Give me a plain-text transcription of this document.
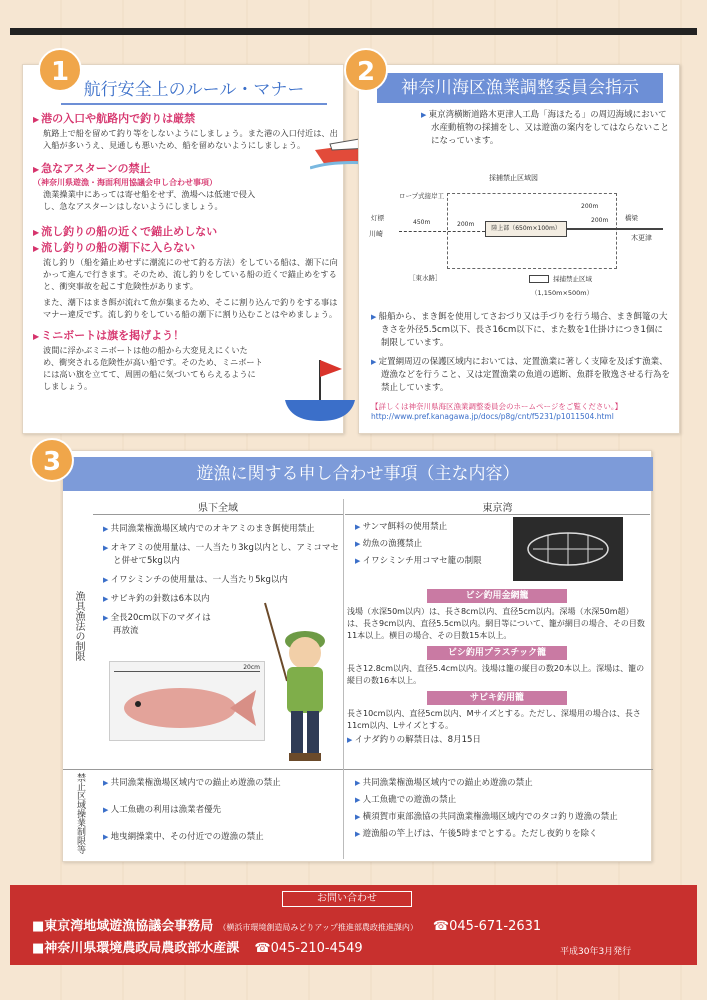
航行安全上のルール・マナー
▶ 港の入口や航路内で釣りは厳禁
航路上で船を留めて釣り等をしないようにしましょう。また港の入口付近は、出入船が多いうえ、見通しも悪いため、船を留めないようにしましょう。
▶ 急なアスターンの禁止
（神奈川県遊漁・海面利用協議会申し合わせ事項）
漁業操業中にあっては寄せ船をせず、漁場へは低速で侵入し、急なアスターンはしないようにしましょう。
▶ 流し釣りの船の近くで錨止めしない
▶ 流し釣りの船の潮下に入らない
流し釣り（船を錨止めせずに潮流にのせて釣る方法）をしている船は、潮下に向かって進んで行きます。そのため、流し釣りをしている船の近くで錨止めをすると、衝突事故を起こす危険性があります。
また、潮下はまき餌が流れて魚が集まるため、そこに割り込んで釣りをする事はマナー違反です。流し釣りをしている船の潮下に割り込むことはやめましょう。
▶ ミニボートは旗を掲げよう！
波間に浮かぶミニボートは他の船から大変見えにくいため、衝突される危険性が高い船です。そのため、ミニボートには高い旗を立てて、周囲の船に気づいてもらえるようにしましょう。
1
神奈川海区漁業調整委員会指示
▶ 東京湾横断道路木更津人工島「海ほたる」の周辺海域において水産動植物の採捕をし、又は遊漁の案内をしてはならないことになっています。
採捕禁止区域図
ロープ式接岸工
陸上部（650m×100m）
灯標
川崎
450m	200m
200m
200m	橋梁
木更津
［東水路］	採捕禁止区域
（1,150m×500m）
▶ 船船から、まき餌を使用してさおづり又は手づりを行う場合、まき餌篭の大きさを外径5.5cm以下、長さ16cm以下に、また数を1仕掛けにつき1個に制限しています。
▶ 定置網周辺の保護区域内においては、定置漁業に著しく支障を及ぼす漁業、遊漁などを行うこと、又は定置漁業の魚道の遮断、魚群を散逸させる行為を禁止しています。
【詳しくは神奈川県海区漁業調整委員会のホームページをご覧ください。】
http://www.pref.kanagawa.jp/docs/p8g/cnt/f5231/p1011504.html
2
遊漁に関する申し合わせ事項（主な内容）
県下全域	東京湾
漁具漁法の制限
禁止区域操業制限等
▶ 共同漁業権漁場区域内でのオキアミのまき餌使用禁止
▶ オキアミの使用量は、一人当たり3kg以内とし、アミコマセと併せて5kg以内
▶ イワシミンチの使用量は、一人当たり5kg以内
▶ サビキ釣の針数は6本以内
▶ 全長20cm以下のマダイは再放流
20cm
▶ サンマ餌料の使用禁止
▶ 幼魚の漁獲禁止
▶ イワシミンチ用コマセ籠の制限
ビシ釣用金網籠
浅場（水深50m以内）は、長さ8cm以内、直径5cm以内。深場（水深50m超）は、長さ9cm以内、直径5.5cm以内。網目等について、籠が網目の場合、その目数11本以上。横目の場合、その目数15本以上。
ビシ釣用プラスチック籠
長さ12.8cm以内、直径5.4cm以内。浅場は籠の縦目の数20本以上。深場は、籠の縦目の数16本以上。
サビキ釣用籠
長さ10cm以内、直径5cm以内、Mサイズとする。ただし、深場用の場合は、長さ11cm以内、Lサイズとする。
▶ イナダ釣りの解禁日は、8月15日
▶ 共同漁業権漁場区域内での錨止め遊漁の禁止
▶ 人工魚礁の利用は漁業者優先
▶ 地曳網操業中、その付近での遊漁の禁止
▶ 共同漁業権漁場区域内での錨止め遊漁の禁止
▶ 人工魚礁での遊漁の禁止
▶ 横須賀市東部漁協の共同漁業権漁場区域内でのタコ釣り遊漁の禁止
▶ 遊漁船の竿上げは、午後5時までとする。ただし夜釣りを除く
3
お問い合わせ
■東京湾地域遊漁協議会事務局 （横浜市環境創造局みどりアップ推進部農政推進課内） ☎045-671-2631
■神奈川県環境農政局農政部水産課 ☎045-210-4549	平成30年3月発行
